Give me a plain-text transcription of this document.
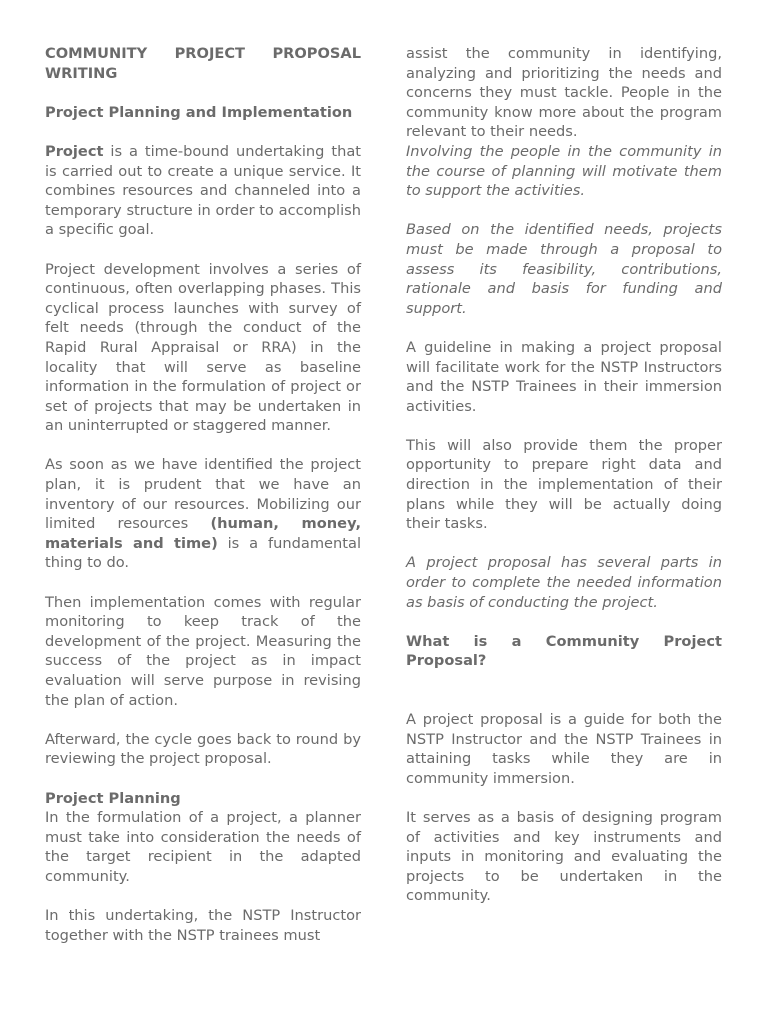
COMMUNITY PROJECT PROPOSAL WRITING

Project Planning and Implementation

Project is a time-bound undertaking that is carried out to create a unique service. It combines resources and channeled into a temporary structure in order to accomplish a specific goal.

Project development involves a series of continuous, often overlapping phases. This cyclical process launches with survey of felt needs (through the conduct of the Rapid Rural Appraisal or RRA) in the locality that will serve as baseline information in the formulation of project or set of projects that may be undertaken in an uninterrupted or staggered manner.

As soon as we have identified the project plan, it is prudent that we have an inventory of our resources. Mobilizing our limited resources (human, money, materials and time) is a fundamental thing to do.

Then implementation comes with regular monitoring to keep track of the development of the project. Measuring the success of the project as in impact evaluation will serve purpose in revising the plan of action.

Afterward, the cycle goes back to round by reviewing the project proposal.

Project Planning

In the formulation of a project, a planner must take into consideration the needs of the target recipient in the adapted community.

In this undertaking, the NSTP Instructor together with the NSTP trainees must

assist the community in identifying, analyzing and prioritizing the needs and concerns they must tackle. People in the community know more about the program relevant to their needs.

Involving the people in the community in the course of planning will motivate them to support the activities.

Based on the identified needs, projects must be made through a proposal to assess its feasibility, contributions, rationale and basis for funding and support.

A guideline in making a project proposal will facilitate work for the NSTP Instructors and the NSTP Trainees in their immersion activities.

This will also provide them the proper opportunity to prepare right data and direction in the implementation of their plans while they will be actually doing their tasks.

A project proposal has several parts in order to complete the needed information as basis of conducting the project.

What is a Community Project Proposal?

A project proposal is a guide for both the NSTP Instructor and the NSTP Trainees in attaining tasks while they are in community immersion.

It serves as a basis of designing program of activities and key instruments and inputs in monitoring and evaluating the projects to be undertaken in the community.
